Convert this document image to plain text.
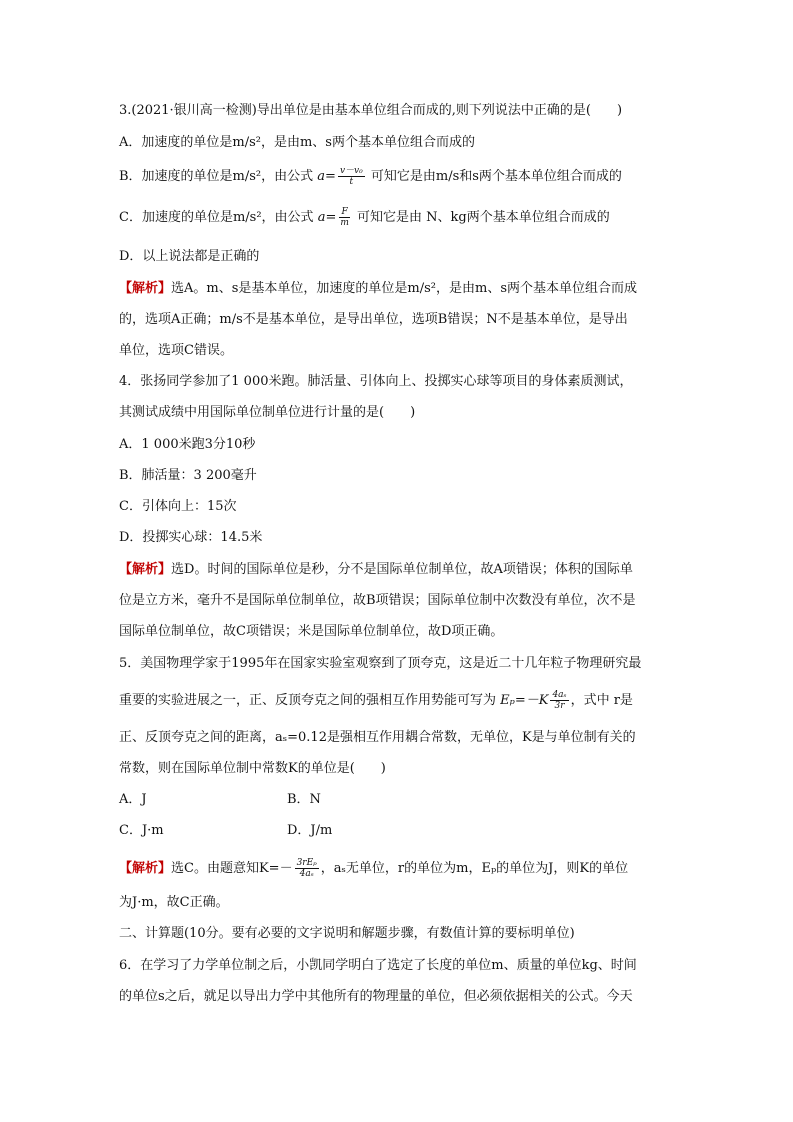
3.(2021·银川高一检测)导出单位是由基本单位组合而成的,则下列说法中正确的是(　　)
A．加速度的单位是m/s²，是由m、s两个基本单位组合而成的
B．加速度的单位是m/s²，由公式 $a= \frac{\text{v－v₀}}{t}$ 可知它是由m/s和s两个基本单位组合而成的
C．加速度的单位是m/s²，由公式 $a= \frac{F}{m}$ 可知它是由 N、kg两个基本单位组合而成的
D．以上说法都是正确的
【解析】选A。m、s是基本单位，加速度的单位是m/s²，是由m、s两个基本单位组合而成
的，选项A正确；m/s不是基本单位，是导出单位，选项B错误；N不是基本单位，是导出
单位，选项C错误。
4．张扬同学参加了1 000米跑。肺活量、引体向上、投掷实心球等项目的身体素质测试，
其测试成绩中用国际单位制单位进行计量的是(　　)
A．1 000米跑3分10秒
B．肺活量：3 200毫升
C．引体向上：15次
D．投掷实心球：14.5米
【解析】选D。时间的国际单位是秒，分不是国际单位制单位，故A项错误；体积的国际单
位是立方米，毫升不是国际单位制单位，故B项错误；国际单位制中次数没有单位，次不是
国际单位制单位，故C项错误；米是国际单位制单位，故D项正确。
5．美国物理学家于1995年在国家实验室观察到了顶夸克，这是近二十几年粒子物理研究最
重要的实验进展之一，正、反顶夸克之间的强相互作用势能可写为 $E_p=-K \frac{\text{4aₛ}}{3r}$ ，式中 r是
正、反顶夸克之间的距离，aₛ=0.12是强相互作用耦合常数，无单位，K是与单位制有关的
常数，则在国际单位制中常数K的单位是(　　)
A．J	B．N
C．J·m	D．J/m
【解析】选C。由题意知$K=- \frac{\text{3rEₚ}}{\text{4aₛ}}$ ，aₛ无单位，r的单位为m，Eₚ的单位为J，则K的单位
为J·m，故C正确。
二、计算题(10分。要有必要的文字说明和解题步骤，有数值计算的要标明单位)
6．在学习了力学单位制之后，小凯同学明白了选定了长度的单位m、质量的单位kg、时间
的单位s之后，就足以导出力学中其他所有的物理量的单位，但必须依据相关的公式。今天
